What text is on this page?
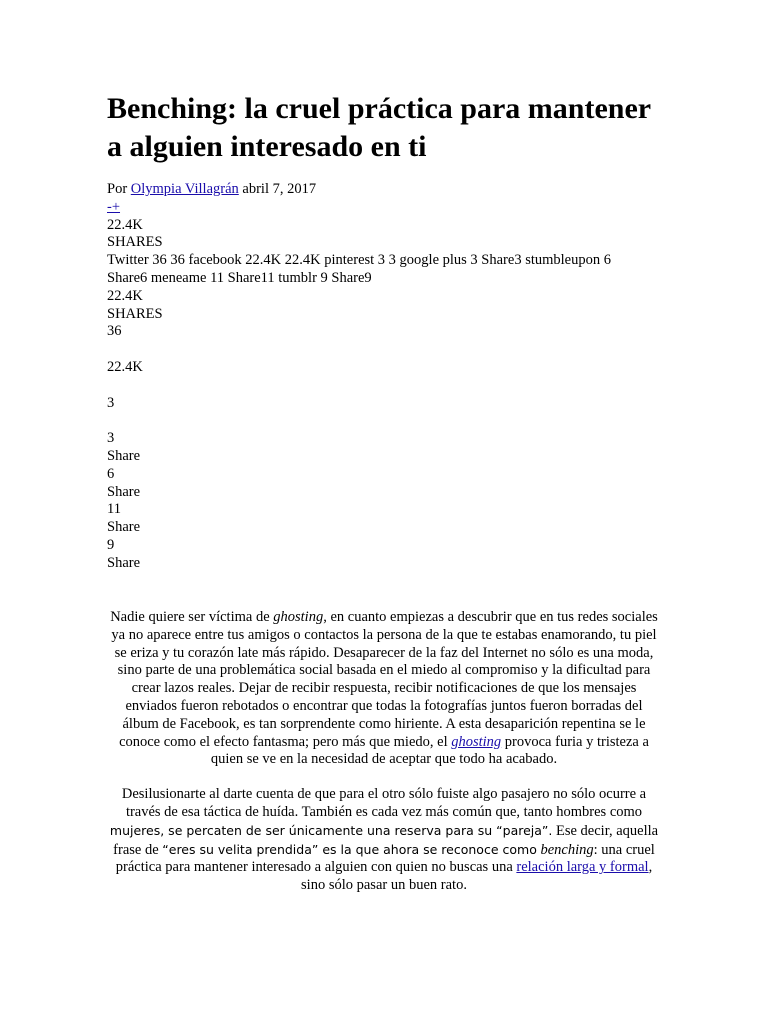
Benching: la cruel práctica para mantener a alguien interesado en ti
Por Olympia Villagrán abril 7, 2017
-+
22.4K
SHARES
Twitter 36 36 facebook 22.4K 22.4K pinterest 3 3 google plus 3 Share3 stumbleupon 6
Share6 meneame 11 Share11 tumblr 9 Share9
22.4K
SHARES
36
22.4K
3
3
Share
6
Share
11
Share
9
Share

Nadie quiere ser víctima de ghosting, en cuanto empiezas a descubrir que en tus redes sociales ya no aparece entre tus amigos o contactos la persona de la que te estabas enamorando, tu piel se eriza y tu corazón late más rápido. Desaparecer de la faz del Internet no sólo es una moda, sino parte de una problemática social basada en el miedo al compromiso y la dificultad para crear lazos reales. Dejar de recibir respuesta, recibir notificaciones de que los mensajes enviados fueron rebotados o encontrar que todas la fotografías juntos fueron borradas del álbum de Facebook, es tan sorprendente como hiriente. A esta desaparición repentina se le conoce como el efecto fantasma; pero más que miedo, el ghosting provoca furia y tristeza a quien se ve en la necesidad de aceptar que todo ha acabado.

Desilusionarte al darte cuenta de que para el otro sólo fuiste algo pasajero no sólo ocurre a través de esa táctica de huída. También es cada vez más común que, tanto hombres como mujeres, se percaten de ser únicamente una reserva para su “pareja”. Ese decir, aquella frase de “eres su velita prendida” es la que ahora se reconoce como benching: una cruel práctica para mantener interesado a alguien con quien no buscas una relación larga y formal, sino sólo pasar un buen rato.
